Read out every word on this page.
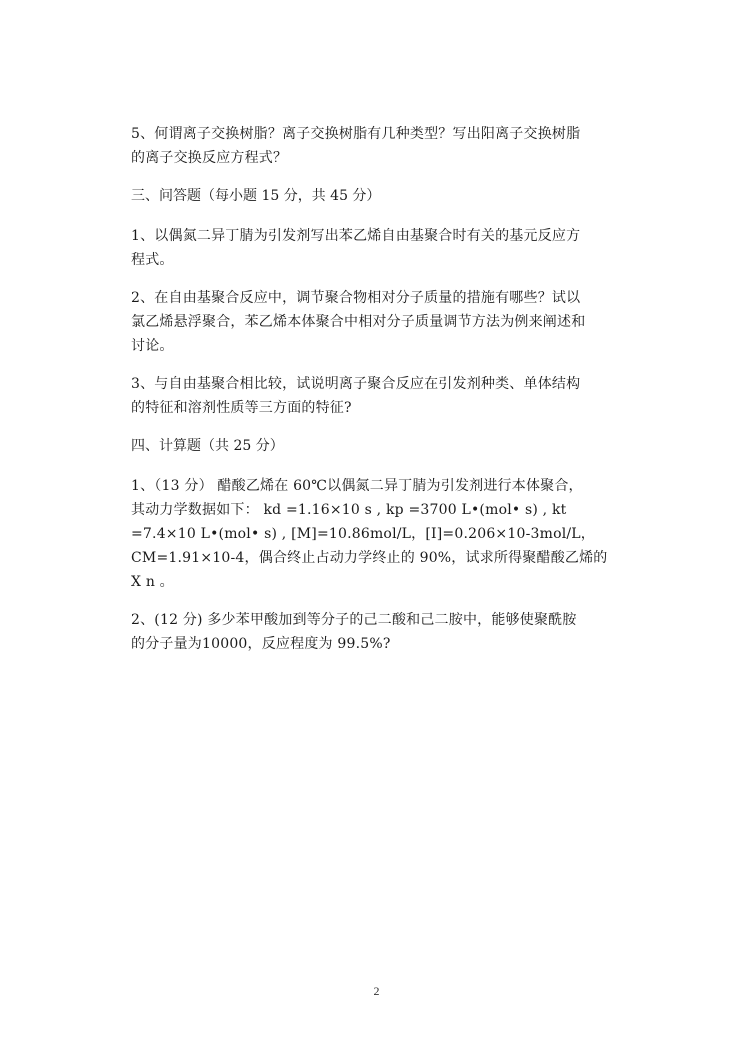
5、何谓离子交换树脂？离子交换树脂有几种类型？写出阳离子交换树脂
的离子交换反应方程式？
三、问答题（每小题 15 分，共 45 分）
1、以偶氮二异丁腈为引发剂写出苯乙烯自由基聚合时有关的基元反应方
程式。
2、在自由基聚合反应中，调节聚合物相对分子质量的措施有哪些？试以
氯乙烯悬浮聚合，苯乙烯本体聚合中相对分子质量调节方法为例来阐述和
讨论。
3、与自由基聚合相比较，试说明离子聚合反应在引发剂种类、单体结构
的特征和溶剂性质等三方面的特征?
四、计算题（共 25 分）
1、（13 分） 醋酸乙烯在 60℃以偶氮二异丁腈为引发剂进行本体聚合，
其动力学数据如下： kd =1.16×10 s , kp =3700 L•(mol• s) , kt
=7.4×10 L•(mol• s) , [M]=10.86mol/L，[I]=0.206×10-3mol/L，
CM=1.91×10-4，偶合终止占动力学终止的 90%，试求所得聚醋酸乙烯的
X n 。
2、(12 分) 多少苯甲酸加到等分子的己二酸和己二胺中，能够使聚酰胺
的分子量为10000，反应程度为 99.5%?
2
